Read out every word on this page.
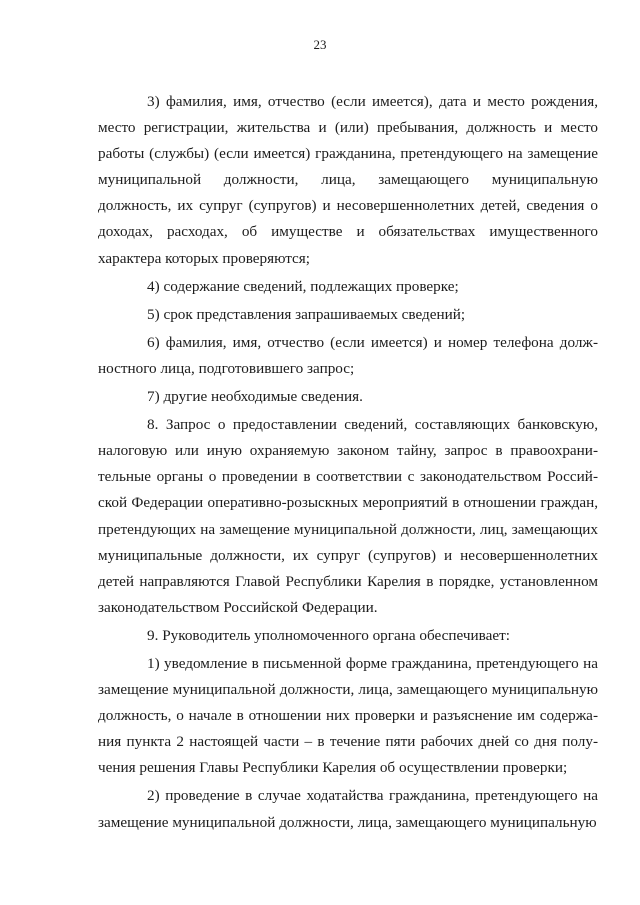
23

3) фамилия, имя, отчество (если имеется), дата и место рождения, место регистрации, жительства и (или) пребывания, должность и место работы (службы) (если имеется) гражданина, претендующего на замещение муниципальной должности, лица, замещающего муниципальную должность, их супруг (супругов) и несовершеннолетних детей, сведения о доходах, расходах, об имуществе и обязательствах имущественного характера которых проверяются;

4) содержание сведений, подлежащих проверке;

5) срок представления запрашиваемых сведений;

6) фамилия, имя, отчество (если имеется) и номер телефона должностного лица, подготовившего запрос;

7) другие необходимые сведения.

8. Запрос о предоставлении сведений, составляющих банковскую, налоговую или иную охраняемую законом тайну, запрос в правоохранительные органы о проведении в соответствии с законодательством Российской Федерации оперативно-розыскных мероприятий в отношении граждан, претендующих на замещение муниципальной должности, лиц, замещающих муниципальные должности, их супруг (супругов) и несовершеннолетних детей направляются Главой Республики Карелия в порядке, установленном законодательством Российской Федерации.

9. Руководитель уполномоченного органа обеспечивает:

1) уведомление в письменной форме гражданина, претендующего на замещение муниципальной должности, лица, замещающего муниципальную должность, о начале в отношении них проверки и разъяснение им содержания пункта 2 настоящей части – в течение пяти рабочих дней со дня получения решения Главы Республики Карелия об осуществлении проверки;

2) проведение в случае ходатайства гражданина, претендующего на замещение муниципальной должности, лица, замещающего муниципальную
